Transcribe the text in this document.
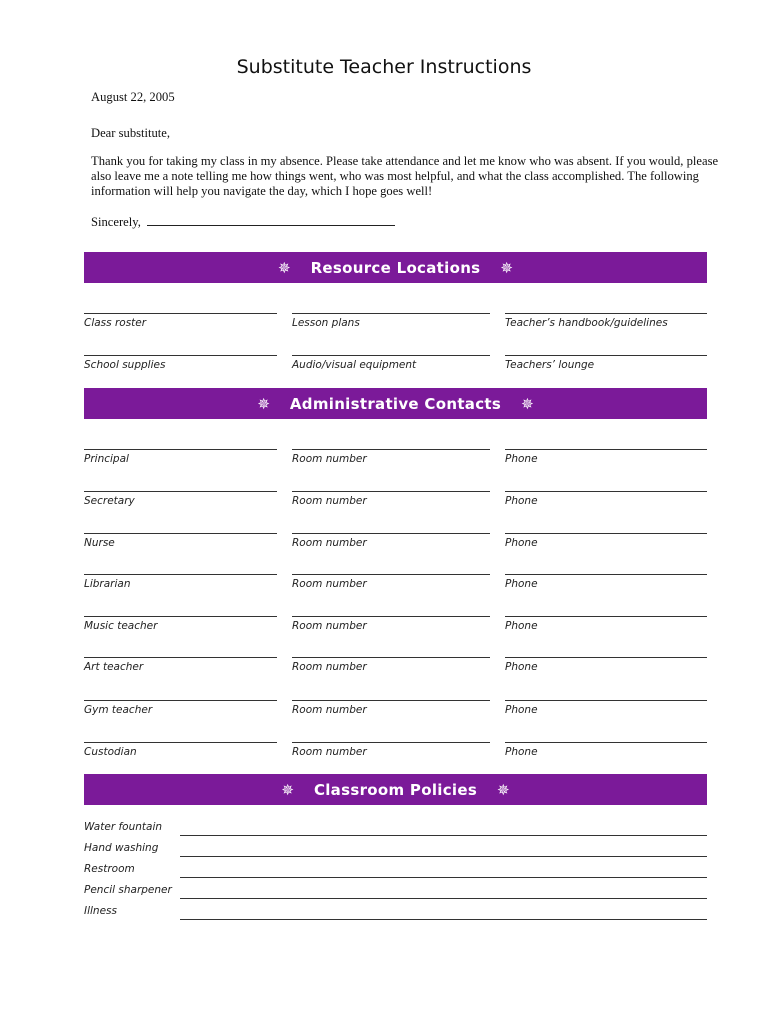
Substitute Teacher Instructions
August 22, 2005
Dear substitute,
Thank you for taking my class in my absence. Please take attendance and let me know who was absent. If you would, please also leave me a note telling me how things went, who was most helpful, and what the class accomplished. The following information will help you navigate the day, which I hope goes well!
Sincerely,
✵ Resource Locations ✵
Class roster	Lesson plans	Teacher’s handbook/guidelines
School supplies	Audio/visual equipment	Teachers’ lounge
✵ Administrative Contacts ✵
Principal	Room number	Phone
Secretary	Room number	Phone
Nurse	Room number	Phone
Librarian	Room number	Phone
Music teacher	Room number	Phone
Art teacher	Room number	Phone
Gym teacher	Room number	Phone
Custodian	Room number	Phone
✵ Classroom Policies ✵
Water fountain
Hand washing
Restroom
Pencil sharpener
Illness
